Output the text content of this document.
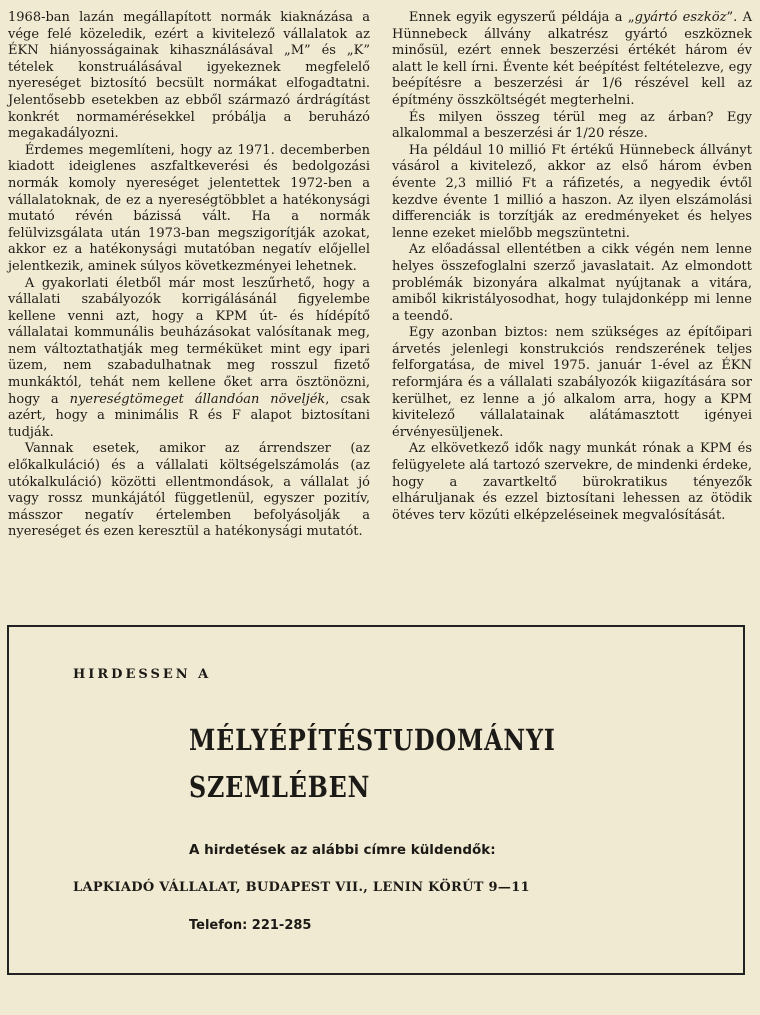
1968-ban lazán megállapított normák kiaknázása a vége felé közeledik, ezért a kivitelező vállalatok az ÉKN hiányosságainak kihasználásával „M” és „K” tételek konstruálásával igyekeznek megfelelő nyereséget biztosító becsült normákat elfogadtatni. Jelentősebb esetekben az ebből származó árdrágítást konkrét normamérésekkel próbálja a beruházó megakadályozni.

Érdemes megemlíteni, hogy az 1971. decemberben kiadott ideiglenes aszfaltkeverési és bedolgozási normák komoly nyereséget jelentettek 1972-ben a vállalatoknak, de ez a nyereségtöbblet a hatékonysági mutató révén bázissá vált. Ha a normák felülvizsgálata után 1973-ban megszigorítják azokat, akkor ez a hatékonysági mutatóban negatív előjellel jelentkezik, aminek súlyos következményei lehetnek.

A gyakorlati életből már most leszűrhető, hogy a vállalati szabályozók korrigálásánál figyelembe kellene venni azt, hogy a KPM út- és hídépítő vállalatai kommunális beuházásokat valósítanak meg, nem változtathatják meg terméküket mint egy ipari üzem, nem szabadulhatnak meg rosszul fizető munkáktól, tehát nem kellene őket arra ösztönözni, hogy a nyereségtömeget állandóan növeljék, csak azért, hogy a minimális R és F alapot biztosítani tudják.

Vannak esetek, amikor az árrendszer (az előkalkuláció) és a vállalati költségelszámolás (az utókalkuláció) közötti ellentmondások, a vállalat jó vagy rossz munkájától függetlenül, egyszer pozitív, másszor negatív értelemben befolyásolják a nyereséget és ezen keresztül a hatékonysági mutatót.

Ennek egyik egyszerű példája a „gyártó eszköz”. A Hünnebeck állvány alkatrész gyártó eszköznek minősül, ezért ennek beszerzési értékét három év alatt le kell írni. Évente két beépítést feltételezve, egy beépítésre a beszerzési ár 1/6 részével kell az építmény összköltségét megterhelni.

És milyen összeg térül meg az árban? Egy alkalommal a beszerzési ár 1/20 része.

Ha például 10 millió Ft értékű Hünnebeck állványt vásárol a kivitelező, akkor az első három évben évente 2,3 millió Ft a ráfizetés, a negyedik évtől kezdve évente 1 millió a haszon. Az ilyen elszámolási differenciák is torzítják az eredményeket és helyes lenne ezeket mielőbb megszüntetni.

Az előadással ellentétben a cikk végén nem lenne helyes összefoglalni szerző javaslatait. Az elmondott problémák bizonyára alkalmat nyújtanak a vitára, amiből kikristályosodhat, hogy tulajdonképp mi lenne a teendő.

Egy azonban biztos: nem szükséges az építőipari árvetés jelenlegi konstrukciós rendszerének teljes felforgatása, de mivel 1975. január 1-ével az ÉKN reformjára és a vállalati szabályozók kiigazítására sor kerülhet, ez lenne a jó alkalom arra, hogy a KPM kivitelező vállalatainak alátámasztott igényei érvényesüljenek.

Az elkövetkező idők nagy munkát rónak a KPM és felügyelete alá tartozó szervekre, de mindenki érdeke, hogy a zavartkeltő bürokratikus tényezők elháruljanak és ezzel biztosítani lehessen az ötödik ötéves terv közúti elképzeléseinek megvalósítását.

HIRDESSEN A
MÉLYÉPÍTÉSTUDOMÁNYI
SZEMLÉBEN
A hirdetések az alábbi címre küldendők:
LAPKIADÓ VÁLLALAT, BUDAPEST VII., LENIN KÖRÚT 9—11
Telefon: 221-285
